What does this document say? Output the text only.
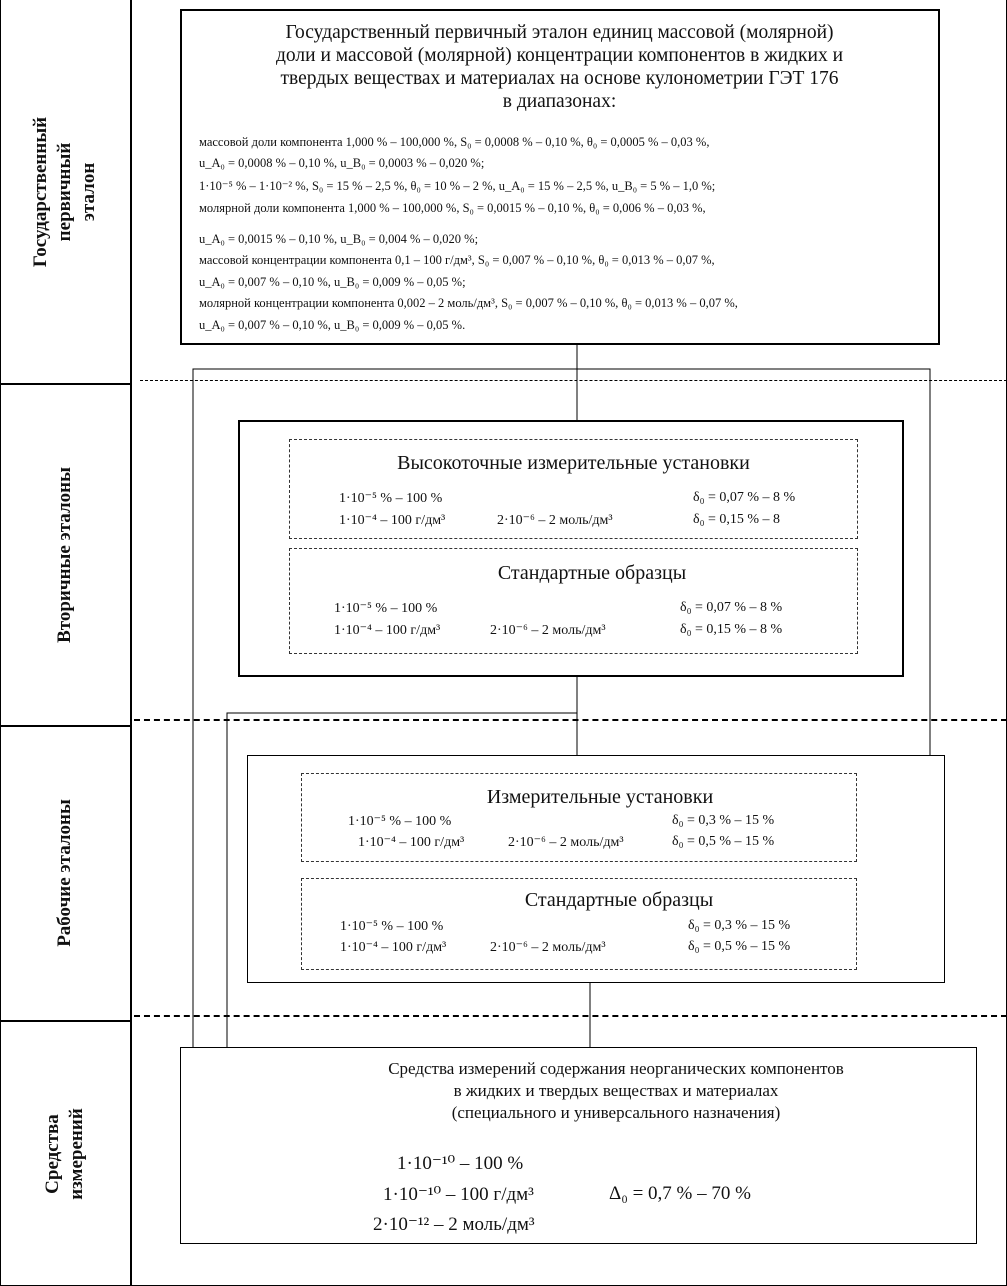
Государственный первичный эталон
Вторичные эталоны
Рабочие эталоны
Средства измерений
Государственный первичный эталон единиц массовой (молярной)
доли и массовой (молярной) концентрации компонентов в жидких и
твердых веществах и материалах на основе кулонометрии ГЭТ 176
в диапазонах:
массовой доли компонента 1,000 % – 100,000 %, S₀ = 0,0008 % – 0,10 %, θ₀ = 0,0005 % – 0,03 %,
u_A₀ = 0,0008 % – 0,10 %, u_B₀ = 0,0003 % – 0,020 %;
1·10⁻⁵ % – 1·10⁻² %, S₀ = 15 % – 2,5 %, θ₀ = 10 % – 2 %, u_A₀ = 15 % – 2,5 %, u_B₀ = 5 % – 1,0 %;
молярной доли компонента 1,000 % – 100,000 %, S₀ = 0,0015 % – 0,10 %, θ₀ = 0,006 % – 0,03 %,
u_A₀ = 0,0015 % – 0,10 %, u_B₀ = 0,004 % – 0,020 %;
массовой концентрации компонента 0,1 – 100 г/дм³, S₀ = 0,007 % – 0,10 %, θ₀ = 0,013 % – 0,07 %,
u_A₀ = 0,007 % – 0,10 %, u_B₀ = 0,009 % – 0,05 %;
молярной концентрации компонента 0,002 – 2 моль/дм³, S₀ = 0,007 % – 0,10 %, θ₀ = 0,013 % – 0,07 %,
u_A₀ = 0,007 % – 0,10 %, u_B₀ = 0,009 % – 0,05 %.
Высокоточные измерительные установки
1·10⁻⁵ % – 100 %
1·10⁻⁴ – 100 г/дм³	2·10⁻⁶ – 2 моль/дм³
δ₀ = 0,07 % – 8 %
δ₀ = 0,15 % – 8
Стандартные образцы
1·10⁻⁵ % – 100 %
1·10⁻⁴ – 100 г/дм³	2·10⁻⁶ – 2 моль/дм³
δ₀ = 0,07 % – 8 %
δ₀ = 0,15 % – 8 %
Измерительные установки
1·10⁻⁵ % – 100 %
1·10⁻⁴ – 100 г/дм³	2·10⁻⁶ – 2 моль/дм³
δ₀ = 0,3 % – 15 %
δ₀ = 0,5 % – 15 %
Стандартные образцы
1·10⁻⁵ % – 100 %
1·10⁻⁴ – 100 г/дм³	2·10⁻⁶ – 2 моль/дм³
δ₀ = 0,3 % – 15 %
δ₀ = 0,5 % – 15 %
Средства измерений содержания неорганических компонентов
в жидких и твердых веществах и материалах
(специального и универсального назначения)
1·10⁻¹⁰ – 100 %
1·10⁻¹⁰ – 100 г/дм³
2·10⁻¹² – 2 моль/дм³
Δ₀ = 0,7 % – 70 %
